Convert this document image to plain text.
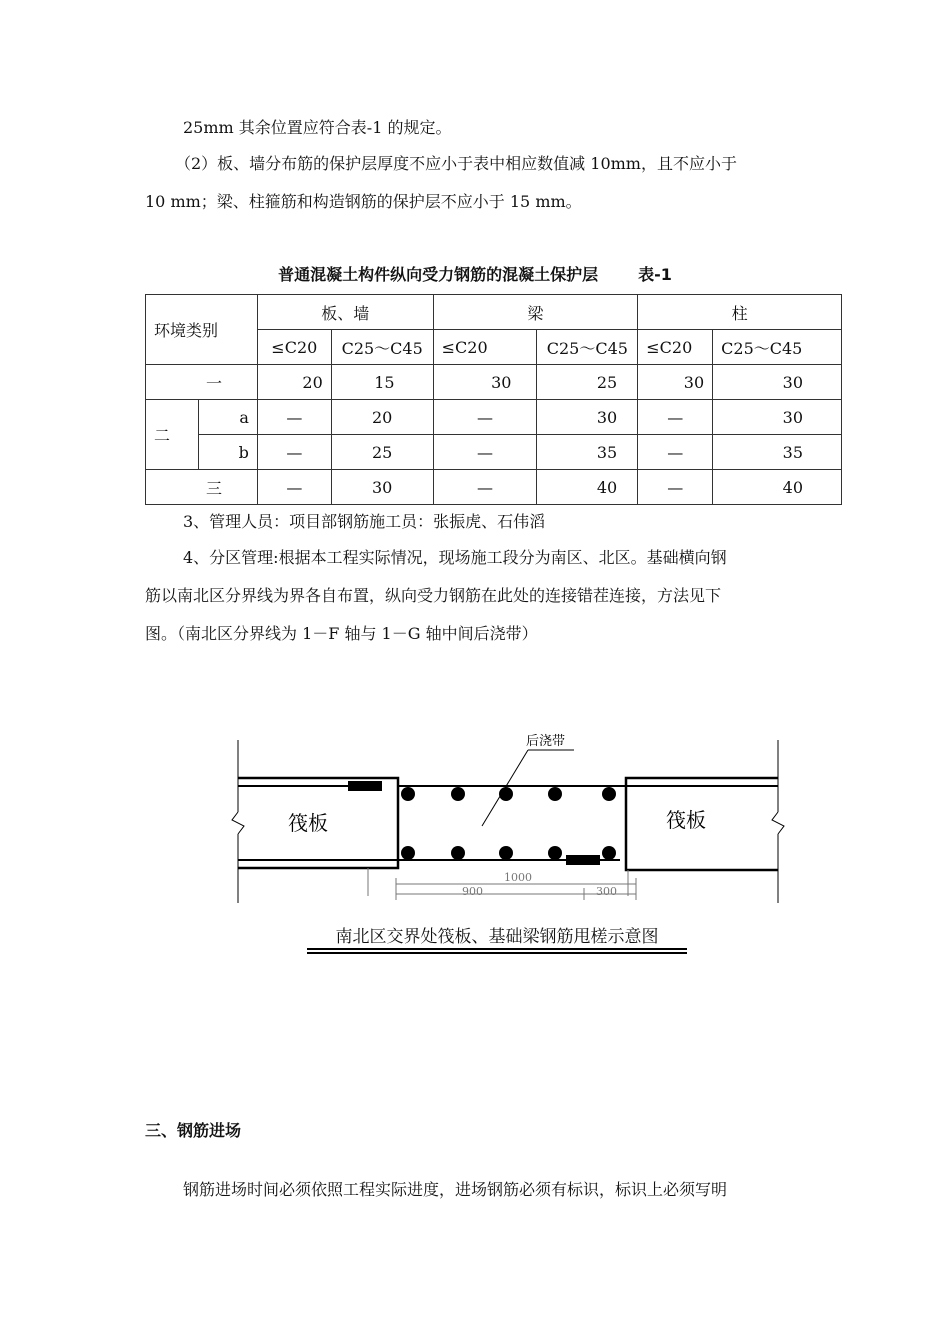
25mm 其余位置应符合表-1 的规定。
（2）板、墙分布筋的保护层厚度不应小于表中相应数值减 10mm，且不应小于
10 mm；梁、柱箍筋和构造钢筋的保护层不应小于 15 mm。
普通混凝土构件纵向受力钢筋的混凝土保护层	表-1
环境类别		板、墙		梁		柱	
		≤C20	C25～C45	≤C20	C25～C45	≤C20	C25～C45
一		20	15	30	25	30	30
二	a	—	20	—	30	—	30
	b	—	25	—	35	—	35
三		—	30	—	40	—	40
3、管理人员：项目部钢筋施工员：张振虎、石伟滔
4、分区管理:根据本工程实际情况，现场施工段分为南区、北区。基础横向钢
筋以南北区分界线为界各自布置，纵向受力钢筋在此处的连接错茬连接，方法见下
图。（南北区分界线为 1－F 轴与 1－G 轴中间后浇带）
后浇带
筏板	筏板
1000
900	300
南北区交界处筏板、基础梁钢筋甩槎示意图
三、钢筋进场
钢筋进场时间必须依照工程实际进度，进场钢筋必须有标识，标识上必须写明
